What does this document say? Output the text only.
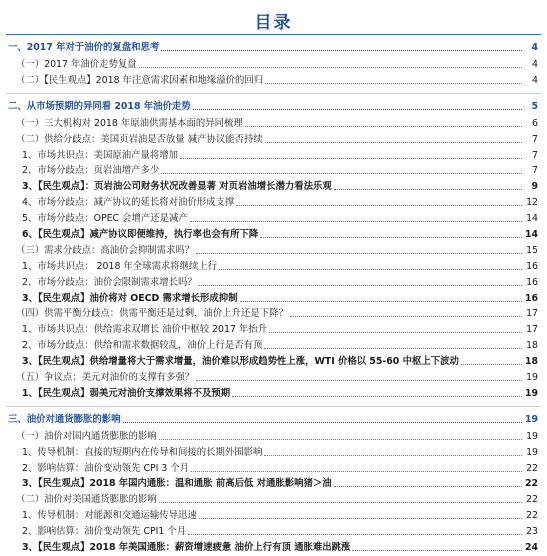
目录
一、2017 年对于油价的复盘和思考	4
（一）2017 年油价走势复盘	4
（二）【民生观点】2018 年注意需求因素和地缘溢价的回归	4
二、从市场预期的异同看 2018 年油价走势	5
（一）三大机构对 2018 年原油供需基本面的异同梳理	6
（二）供给分歧点：美国页岩油是否放量 减产协议能否持续	7
1、市场共识点：美国原油产量将增加	7
2、市场分歧点：页岩油增产多少	7
3、【民生观点】：页岩油公司财务状况改善显著 对页岩油增长潜力看法乐观	9
4、市场分歧点：减产协议的延长将对油价形成支撑	12
5、市场分歧点：OPEC 会增产还是减产	14
6、【民生观点】减产协议即便维持，执行率也会有所下降	14
（三）需求分歧点：高油价会抑制需求吗？	15
1、市场共识点： 2018 年全球需求将继续上行	16
2、市场分歧点：油价会限制需求增长吗？	16
3、【民生观点】油价将对 OECD 需求增长形成抑制	16
（四）供需平衡分歧点：供需平衡还是过剩，油价上升还是下降？	17
1、市场共识点：供给需求双增长 油价中枢较 2017 年抬升	17
2、市场分歧点：供给和需求数据较乱，油价上行是否有顶	18
3、【民生观点】供给增量将大于需求增量，油价难以形成趋势性上涨，WTI 价格以 55-60 中枢上下波动	18
（五）争议点：美元对油价的支撑有多强？	19
1、【民生观点】弱美元对油价支撑效果将不及预期	19
三、油价对通货膨胀的影响	19
（一）油价对国内通货膨胀的影响	19
1、传导机制：直接的短期内在传导和间接的长期外围影响	19
2、影响估算：油价变动领先 CPI 3 个月	22
3、【民生观点】2018 年国内通胀：温和通胀 前高后低 对通胀影响猪＞油	22
（二）油价对美国通货膨胀的影响	22
1、传导机制：对能源和交通运输传导迅速	22
2、影响估算：油价变动领先 CPI1 个月	23
3、【民生观点】2018 年美国通胀：薪资增速疲惫 油价上行有顶 通胀难出跳涨	24
